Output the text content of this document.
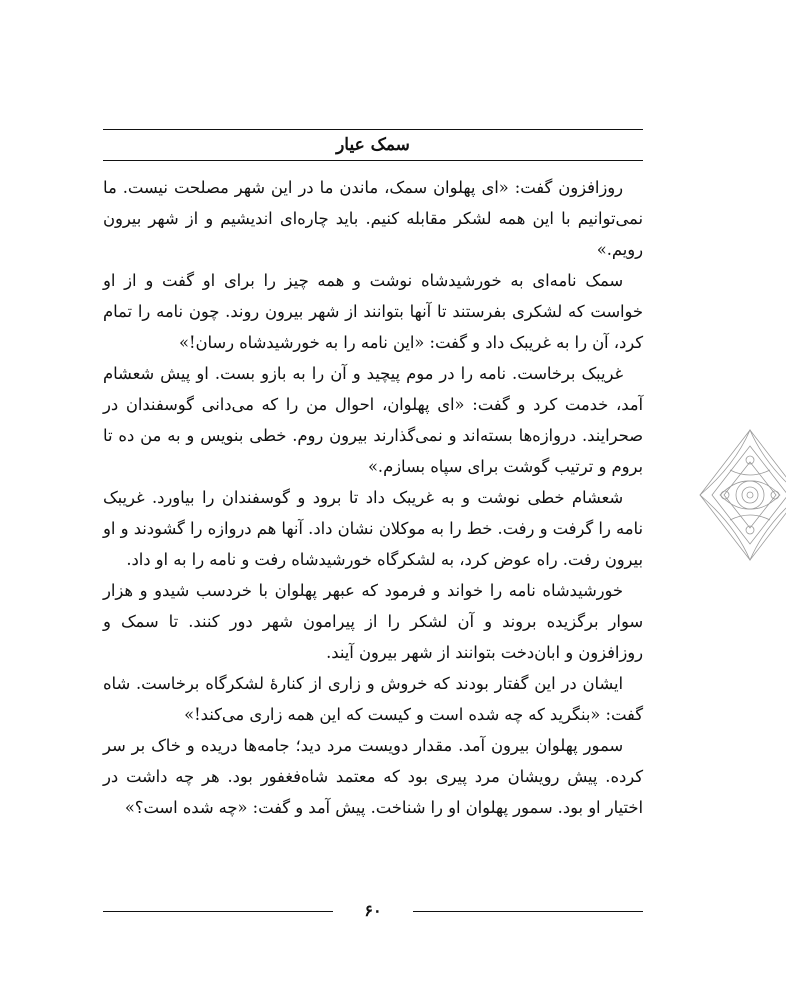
سمک عیار

روزافزون گفت: «ای پهلوان سمک، ماندن ما در این شهر مصلحت نیست. ما نمی‌توانیم با این همه لشکر مقابله کنیم. باید چاره‌ای اندیشیم و از شهر بیرون رویم.»

سمک نامه‌ای به خورشیدشاه نوشت و همه چیز را برای او گفت و از او خواست که لشکری بفرستند تا آنها بتوانند از شهر بیرون روند. چون نامه را تمام کرد، آن را به غریبک داد و گفت: «این نامه را به خورشیدشاه رسان!»

غریبک برخاست. نامه را در موم پیچید و آن را به بازو بست. او پیش شعشام آمد، خدمت کرد و گفت: «ای پهلوان، احوال من را که می‌دانی گوسفندان در صحرایند. دروازه‌ها بسته‌اند و نمی‌گذارند بیرون روم. خطی بنویس و به من ده تا بروم و ترتیب گوشت برای سپاه بسازم.»

شعشام خطی نوشت و به غریبک داد تا برود و گوسفندان را بیاورد. غریبک نامه را گرفت و رفت. خط را به موکلان نشان داد. آنها هم دروازه را گشودند و او بیرون رفت. راه عوض کرد، به لشکرگاه خورشیدشاه رفت و نامه را به او داد.

خورشیدشاه نامه را خواند و فرمود که عبهر پهلوان با خردسب شیدو و هزار سوار برگزیده بروند و آن لشکر را از پیرامون شهر دور کنند. تا سمک و روزافزون و ابان‌دخت بتوانند از شهر بیرون آیند.

ایشان در این گفتار بودند که خروش و زاری از کنارهٔ لشکرگاه برخاست. شاه گفت: «بنگرید که چه شده است و کیست که این همه زاری می‌کند!»

سمور پهلوان بیرون آمد. مقدار دویست مرد دید؛ جامه‌ها دریده و خاک بر سر کرده. پیش رویشان مرد پیری بود که معتمد شاه‌فغفور بود. هر چه داشت در اختیار او بود. سمور پهلوان او را شناخت. پیش آمد و گفت: «چه شده است؟»

۶۰
